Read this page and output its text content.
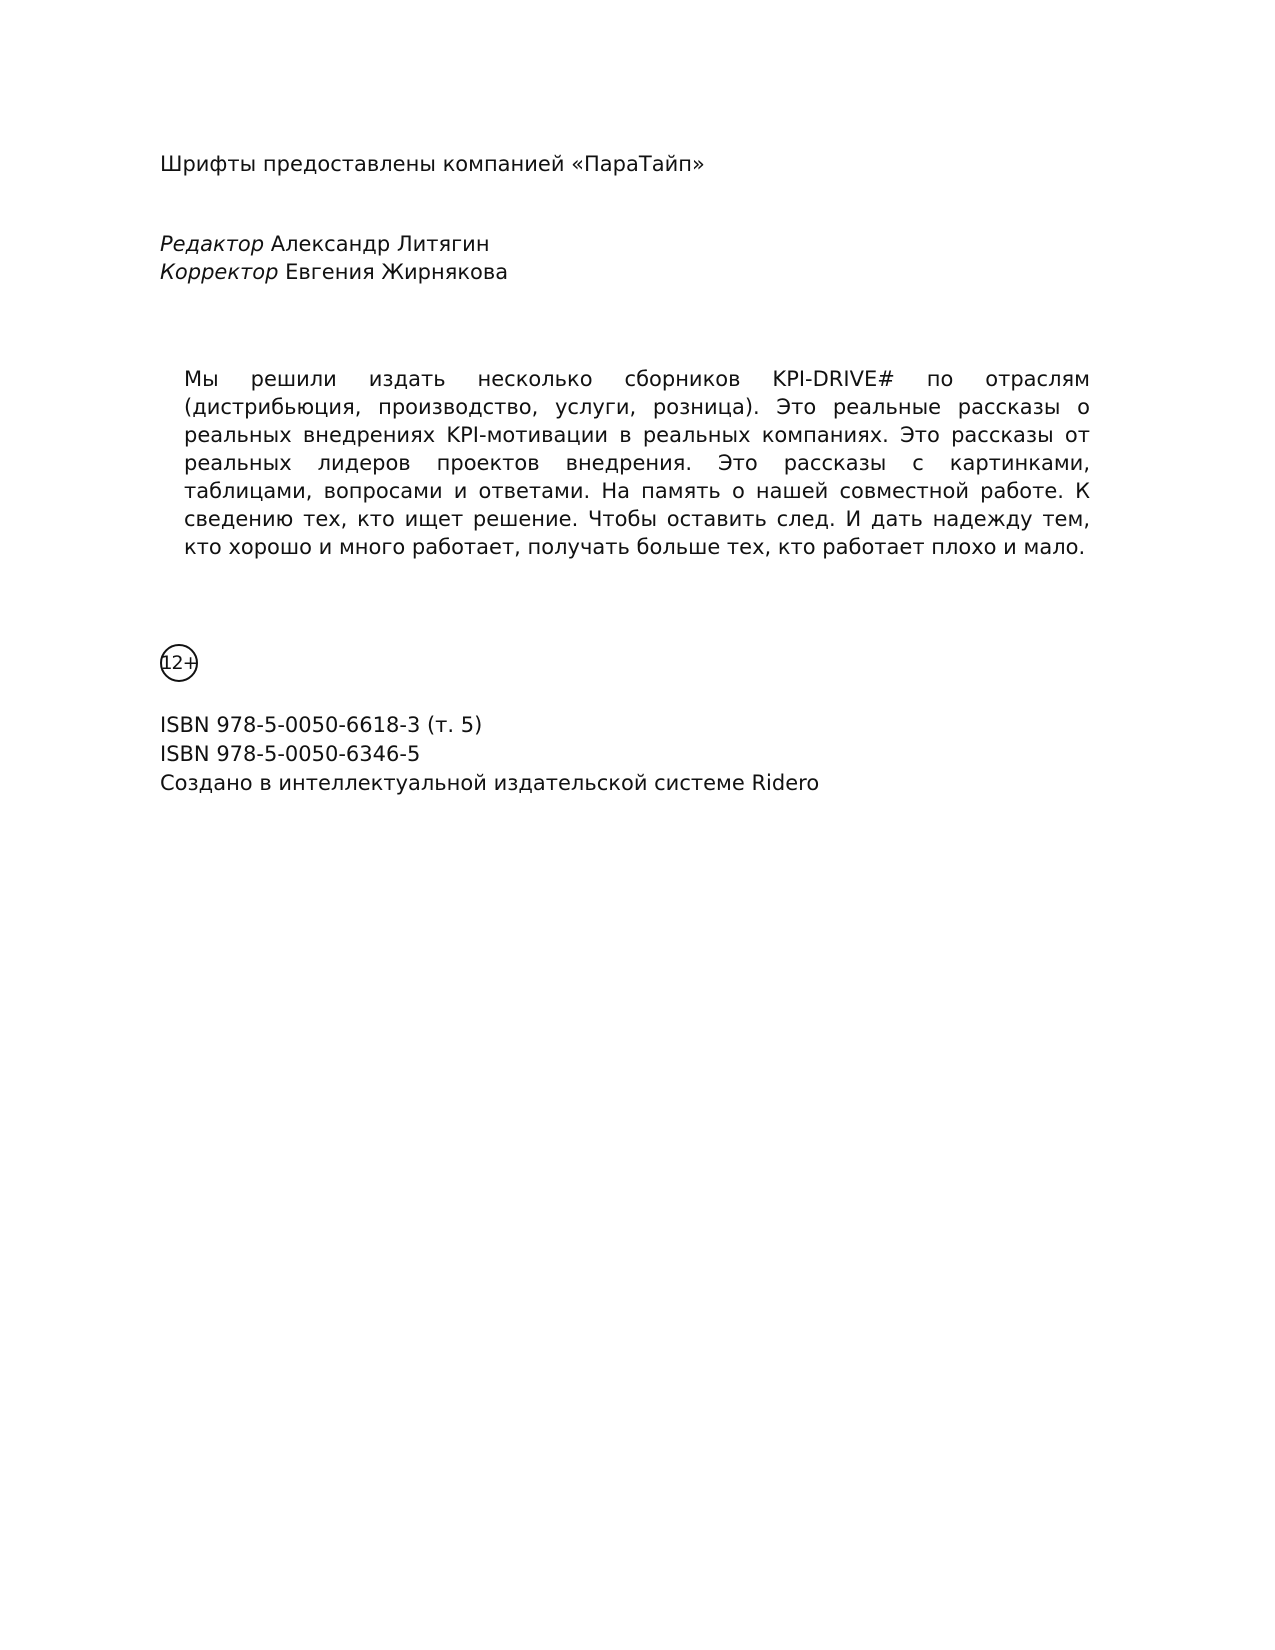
Шрифты предоставлены компанией «ПараТайп»
Редактор Александр Литягин
Корректор Евгения Жирнякова

Мы решили издать несколько сборников KPI-DRIVE# по отраслям (дистрибьюция, производство, услуги, розница). Это реальные рассказы о реальных внедрениях KPI-мотивации в реальных компаниях. Это рассказы от реальных лидеров проектов внедрения. Это рассказы с картинками, таблицами, вопросами и ответами. На память о нашей совместной работе. К сведению тех, кто ищет решение. Чтобы оставить след. И дать надежду тем, кто хорошо и много работает, получать больше тех, кто работает плохо и мало.

12+
ISBN 978-5-0050-6618-3 (т. 5)
ISBN 978-5-0050-6346-5
Создано в интеллектуальной издательской системе Ridero
